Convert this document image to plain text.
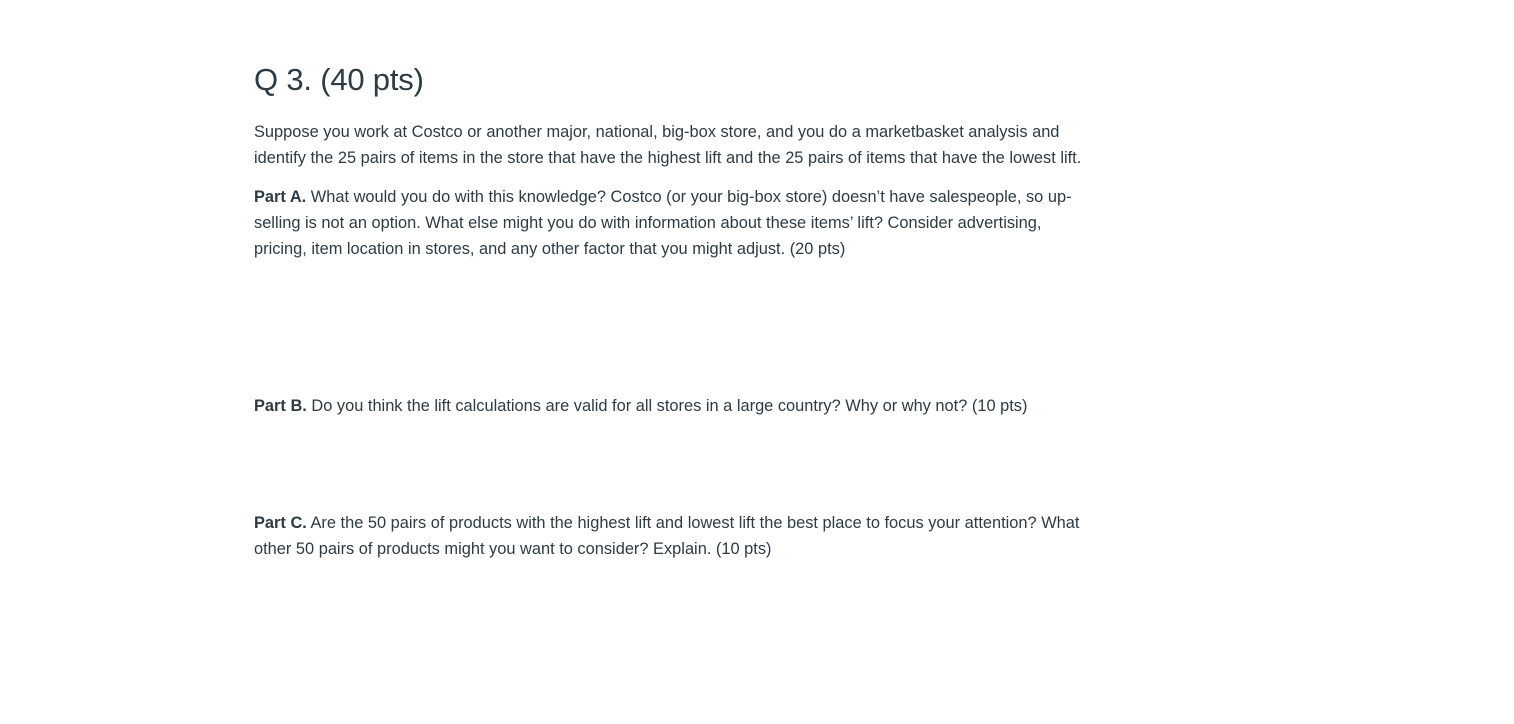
Q 3. (40 pts)

Suppose you work at Costco or another major, national, big-box store, and you do a marketbasket analysis and identify the 25 pairs of items in the store that have the highest lift and the 25 pairs of items that have the lowest lift.

Part A. What would you do with this knowledge? Costco (or your big-box store) doesn’t have salespeople, so up-selling is not an option. What else might you do with information about these items’ lift? Consider advertising, pricing, item location in stores, and any other factor that you might adjust. (20 pts)

Part B. Do you think the lift calculations are valid for all stores in a large country? Why or why not? (10 pts)

Part C. Are the 50 pairs of products with the highest lift and lowest lift the best place to focus your attention? What other 50 pairs of products might you want to consider? Explain. (10 pts)
